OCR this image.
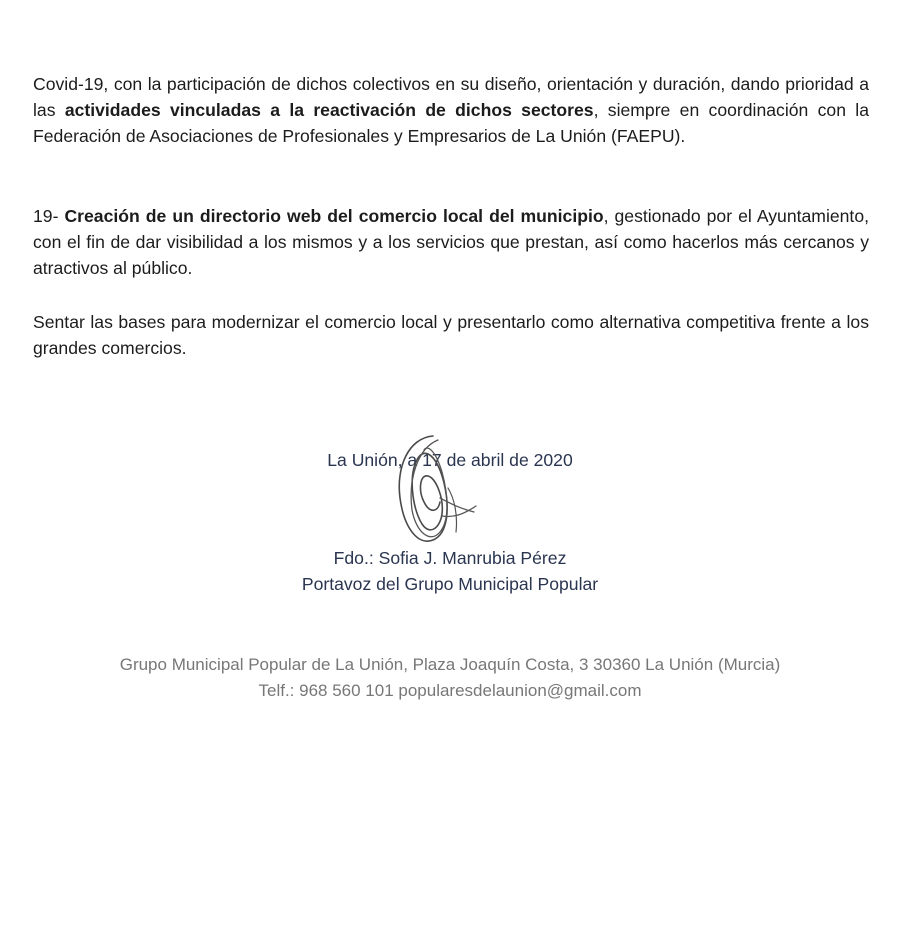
Covid-19, con la participación de dichos colectivos en su diseño, orientación y duración, dando prioridad a las actividades vinculadas a la reactivación de dichos sectores, siempre en coordinación con la Federación de Asociaciones de Profesionales y Empresarios de La Unión (FAEPU).
19- Creación de un directorio web del comercio local del municipio, gestionado por el Ayuntamiento, con el fin de dar visibilidad a los mismos y a los servicios que prestan, así como hacerlos más cercanos y atractivos al público.
Sentar las bases para modernizar el comercio local y presentarlo como alternativa competitiva frente a los grandes comercios.
La Unión, a 17 de abril de 2020
Fdo.: Sofia J. Manrubia Pérez
Portavoz del Grupo Municipal Popular
Grupo Municipal Popular de La Unión, Plaza Joaquín Costa, 3 30360 La Unión (Murcia)
Telf.: 968 560 101 popularesdelaunion@gmail.com
